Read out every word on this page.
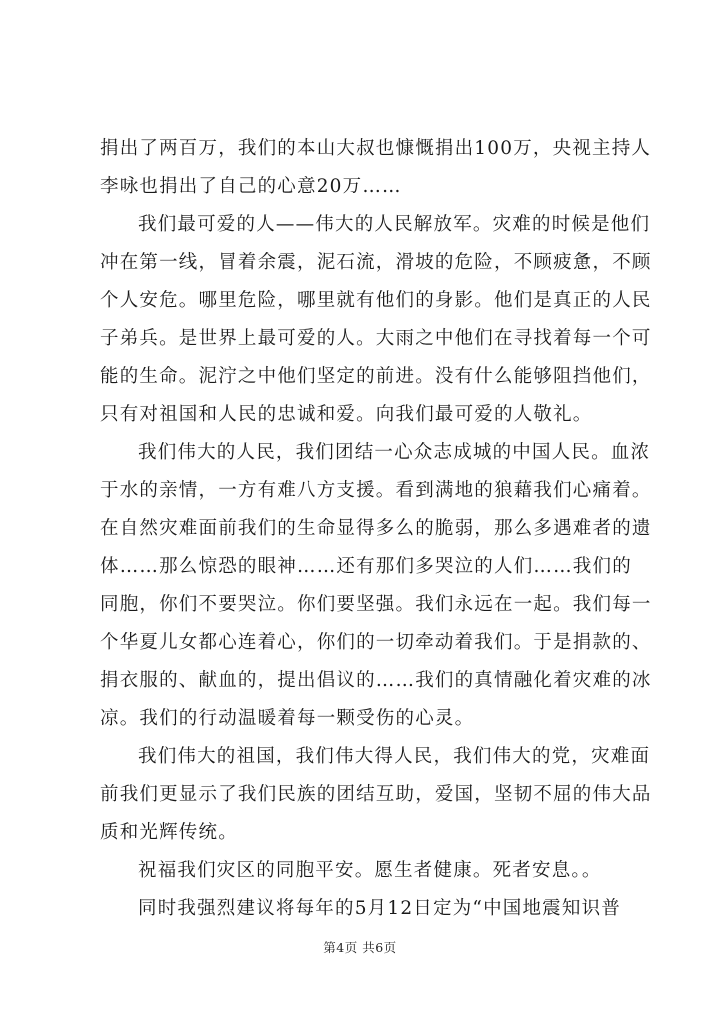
捐出了两百万，我们的本山大叔也慷慨捐出100万，央视主持人
李咏也捐出了自己的心意20万……
我们最可爱的人——伟大的人民解放军。灾难的时候是他们
冲在第一线，冒着余震，泥石流，滑坡的危险，不顾疲惫，不顾
个人安危。哪里危险，哪里就有他们的身影。他们是真正的人民
子弟兵。是世界上最可爱的人。大雨之中他们在寻找着每一个可
能的生命。泥泞之中他们坚定的前进。没有什么能够阻挡他们，
只有对祖国和人民的忠诚和爱。向我们最可爱的人敬礼。
我们伟大的人民，我们团结一心众志成城的中国人民。血浓
于水的亲情，一方有难八方支援。看到满地的狼藉我们心痛着。
在自然灾难面前我们的生命显得多么的脆弱，那么多遇难者的遗
体……那么惊恐的眼神……还有那们多哭泣的人们……我们的
同胞，你们不要哭泣。你们要坚强。我们永远在一起。我们每一
个华夏儿女都心连着心，你们的一切牵动着我们。于是捐款的、
捐衣服的、献血的，提出倡议的……我们的真情融化着灾难的冰
凉。我们的行动温暖着每一颗受伤的心灵。
我们伟大的祖国，我们伟大得人民，我们伟大的党，灾难面
前我们更显示了我们民族的团结互助，爱国，坚韧不屈的伟大品
质和光辉传统。
祝福我们灾区的同胞平安。愿生者健康。死者安息。。
同时我强烈建议将每年的5月12日定为“中国地震知识普
第4页 共6页
